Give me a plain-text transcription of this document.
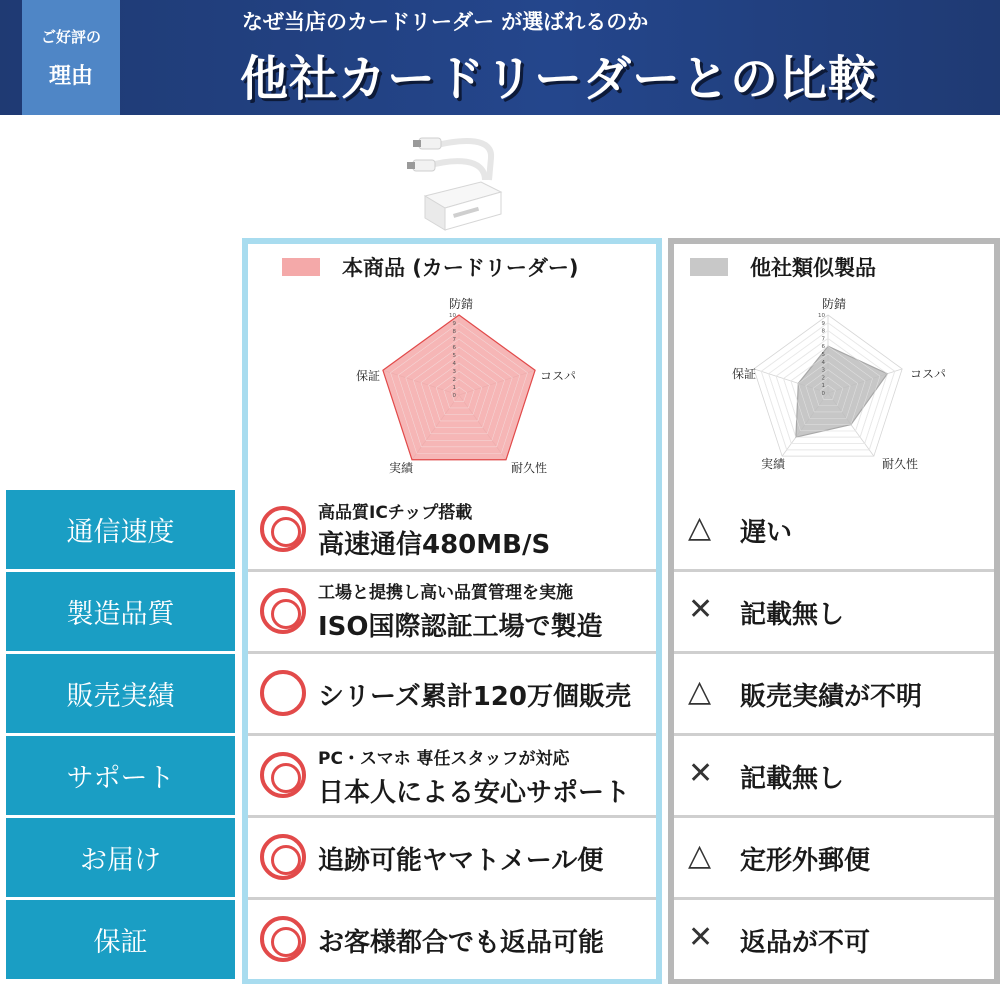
ご好評の
理由
なぜ当店のカードリーダー が選ばれるのか
他社カードリーダーとの比較
本商品 (カードリーダー)
0
1
2
3
4
5
6
7
8
9
10
防錆
コスパ
耐久性
実績
保証
他社類似製品
0
1
2
3
4
5
6
7
8
9
10
防錆
コスパ
耐久性
実績
保証
通信速度
製造品質
販売実績
サポート
お届け
保証
高品質ICチップ搭載
高速通信480MB/S
工場と提携し高い品質管理を実施
ISO国際認証工場で製造
シリーズ累計120万個販売
PC・スマホ 専任スタッフが対応
日本人による安心サポート
追跡可能ヤマトメール便
お客様都合でも返品可能
△ 遅い
✕ 記載無し
△ 販売実績が不明
✕ 記載無し
△ 定形外郵便
✕ 返品が不可
